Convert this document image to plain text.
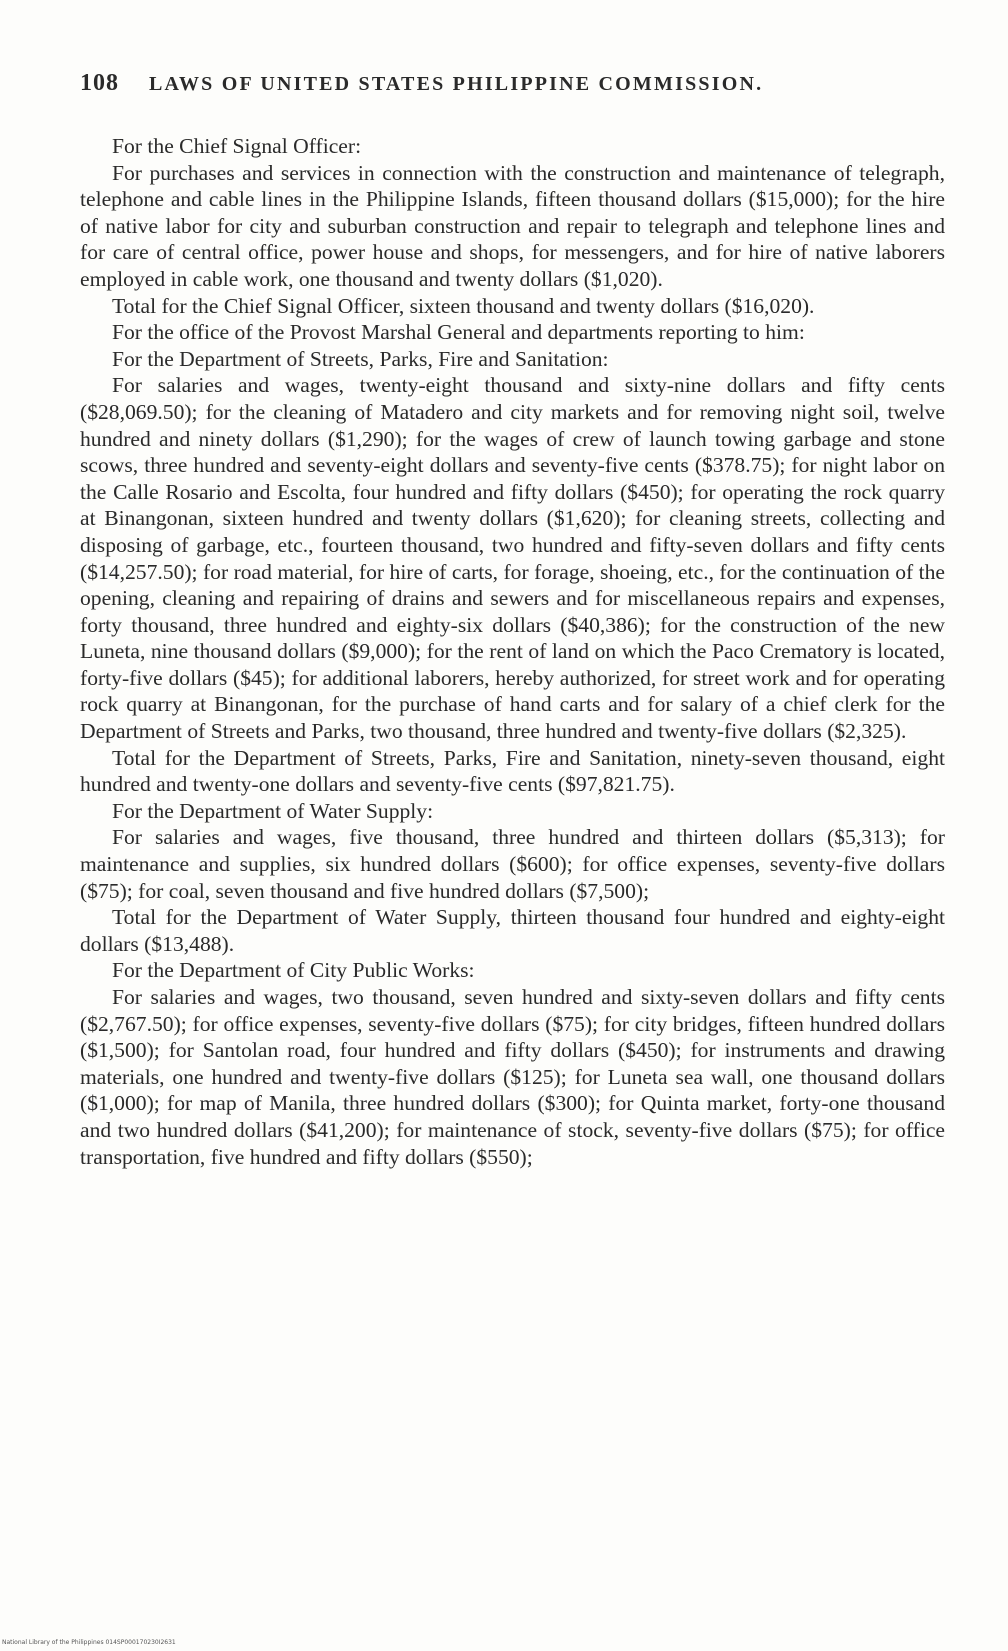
108 LAWS OF UNITED STATES PHILIPPINE COMMISSION.

For the Chief Signal Officer:

For purchases and services in connection with the construction and maintenance of telegraph, telephone and cable lines in the Philippine Islands, fifteen thousand dollars ($15,000); for the hire of native labor for city and suburban construction and repair to telegraph and telephone lines and for care of central office, power house and shops, for messengers, and for hire of native laborers employed in cable work, one thousand and twenty dollars ($1,020).

Total for the Chief Signal Officer, sixteen thousand and twenty dollars ($16,020).

For the office of the Provost Marshal General and departments reporting to him:

For the Department of Streets, Parks, Fire and Sanitation:

For salaries and wages, twenty-eight thousand and sixty-nine dollars and fifty cents ($28,069.50); for the cleaning of Matadero and city markets and for removing night soil, twelve hundred and ninety dollars ($1,290); for the wages of crew of launch towing garbage and stone scows, three hundred and seventy-eight dollars and seventy-five cents ($378.75); for night labor on the Calle Rosario and Escolta, four hundred and fifty dollars ($450); for operating the rock quarry at Binangonan, sixteen hundred and twenty dollars ($1,620); for cleaning streets, collecting and disposing of garbage, etc., fourteen thousand, two hundred and fifty-seven dollars and fifty cents ($14,257.50); for road material, for hire of carts, for forage, shoeing, etc., for the continuation of the opening, cleaning and repairing of drains and sewers and for miscellaneous repairs and expenses, forty thousand, three hundred and eighty-six dollars ($40,386); for the construction of the new Luneta, nine thousand dollars ($9,000); for the rent of land on which the Paco Crematory is located, forty-five dollars ($45); for additional laborers, hereby authorized, for street work and for operating rock quarry at Binangonan, for the purchase of hand carts and for salary of a chief clerk for the Department of Streets and Parks, two thousand, three hundred and twenty-five dollars ($2,325).

Total for the Department of Streets, Parks, Fire and Sanitation, ninety-seven thousand, eight hundred and twenty-one dollars and seventy-five cents ($97,821.75).

For the Department of Water Supply:

For salaries and wages, five thousand, three hundred and thirteen dollars ($5,313); for maintenance and supplies, six hundred dollars ($600); for office expenses, seventy-five dollars ($75); for coal, seven thousand and five hundred dollars ($7,500);

Total for the Department of Water Supply, thirteen thousand four hundred and eighty-eight dollars ($13,488).

For the Department of City Public Works:

For salaries and wages, two thousand, seven hundred and sixty-seven dollars and fifty cents ($2,767.50); for office expenses, seventy-five dollars ($75); for city bridges, fifteen hundred dollars ($1,500); for Santolan road, four hundred and fifty dollars ($450); for instruments and drawing materials, one hundred and twenty-five dollars ($125); for Luneta sea wall, one thousand dollars ($1,000); for map of Manila, three hundred dollars ($300); for Quinta market, forty-one thousand and two hundred dollars ($41,200); for maintenance of stock, seventy-five dollars ($75); for office transportation, five hundred and fifty dollars ($550);

National Library of the Philippines 014SP000170230I2631
